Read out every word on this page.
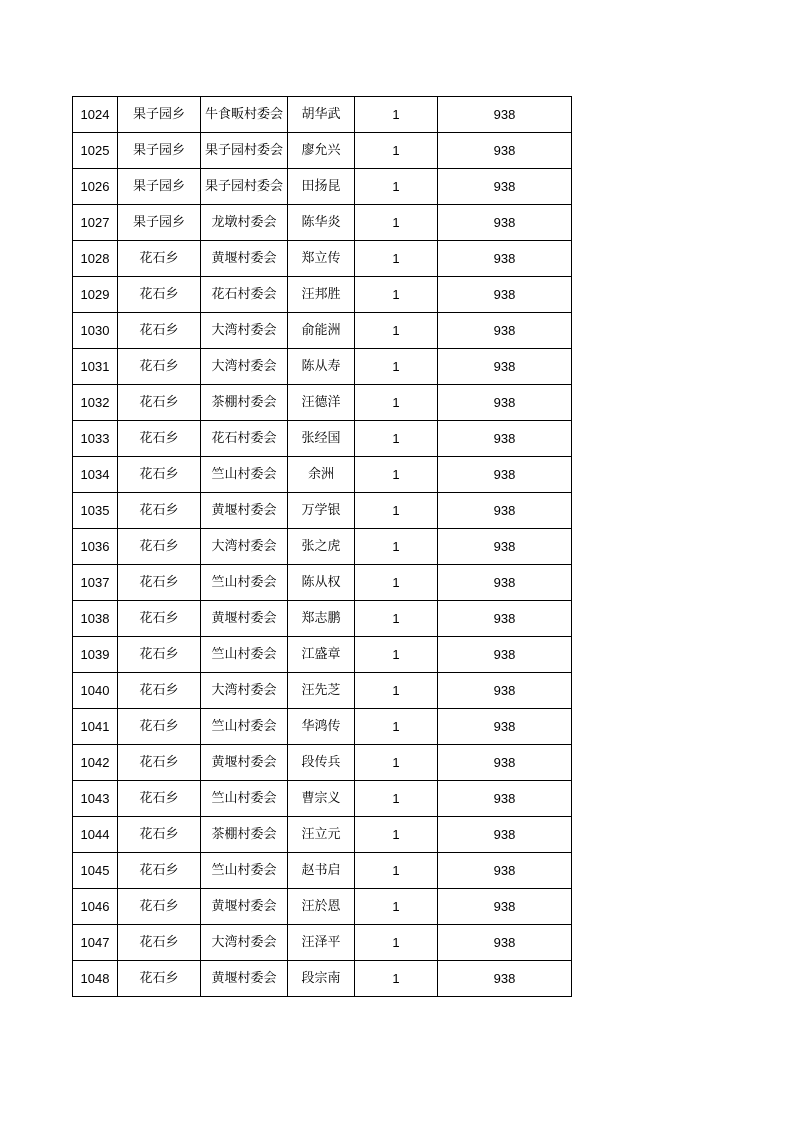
1024	果子园乡	牛食畈村委会	胡华武	1	938
1025	果子园乡	果子园村委会	廖允兴	1	938
1026	果子园乡	果子园村委会	田扬昆	1	938
1027	果子园乡	龙墩村委会	陈华炎	1	938
1028	花石乡	黄堰村委会	郑立传	1	938
1029	花石乡	花石村委会	汪邦胜	1	938
1030	花石乡	大湾村委会	俞能洲	1	938
1031	花石乡	大湾村委会	陈从寿	1	938
1032	花石乡	茶棚村委会	汪德洋	1	938
1033	花石乡	花石村委会	张经国	1	938
1034	花石乡	竺山村委会	余洲	1	938
1035	花石乡	黄堰村委会	万学银	1	938
1036	花石乡	大湾村委会	张之虎	1	938
1037	花石乡	竺山村委会	陈从权	1	938
1038	花石乡	黄堰村委会	郑志鹏	1	938
1039	花石乡	竺山村委会	江盛章	1	938
1040	花石乡	大湾村委会	汪先芝	1	938
1041	花石乡	竺山村委会	华鸿传	1	938
1042	花石乡	黄堰村委会	段传兵	1	938
1043	花石乡	竺山村委会	曹宗义	1	938
1044	花石乡	茶棚村委会	汪立元	1	938
1045	花石乡	竺山村委会	赵书启	1	938
1046	花石乡	黄堰村委会	汪於恩	1	938
1047	花石乡	大湾村委会	汪泽平	1	938
1048	花石乡	黄堰村委会	段宗南	1	938
